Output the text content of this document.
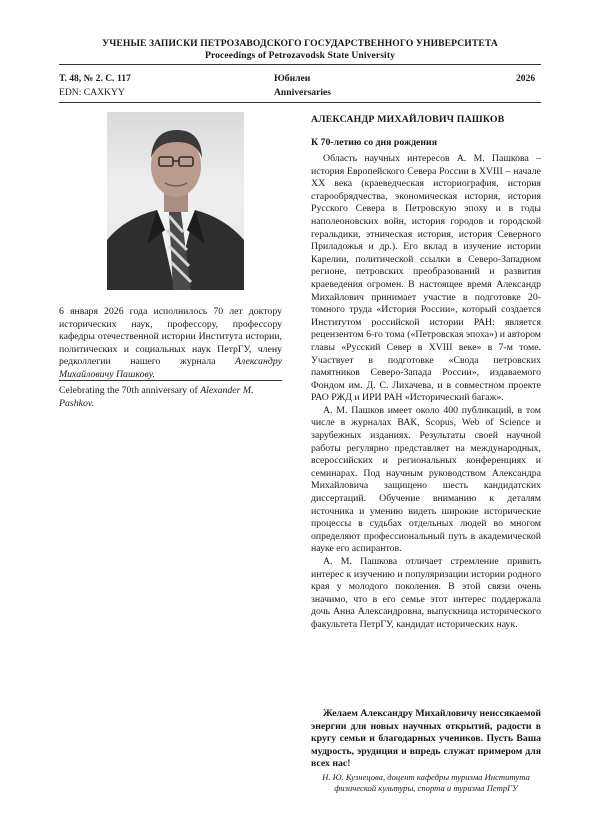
УЧЕНЫЕ ЗАПИСКИ ПЕТРОЗАВОДСКОГО ГОСУДАРСТВЕННОГО УНИВЕРСИТЕТА
Proceedings of Petrozavodsk State University
Т. 48, № 2. С. 117
EDN: CAXKYY
Юбилеи
Anniversaries
2026
6 января 2026 года исполнилось 70 лет доктору исторических наук, профессору, профессору кафедры отечественной истории Института истории, политических и социальных наук ПетрГУ, члену редколлегии нашего журнала Александру Михайловичу Пашкову.
Celebrating the 70th anniversary of Alexander M. Pashkov.
АЛЕКСАНДР МИХАЙЛОВИЧ ПАШКОВ
К 70-летию со дня рождения

Область научных интересов А. М. Пашкова – история Европейского Севера России в XVIII – начале XX века (краеведческая историография, история старообрядчества, экономическая история, история Русского Севера в Петровскую эпоху и в годы наполеоновских войн, история городов и городской геральдики, этническая история, история Северного Приладожья и др.). Его вклад в изучение истории Карелии, политической ссылки в Северо-Западном регионе, петровских преобразований и развития краеведения огромен. В настоящее время Александр Михайлович принимает участие в подготовке 20-томного труда «История России», который создается Институтом российской истории РАН: является рецензентом 6-го тома («Петровская эпоха») и автором главы «Русский Север в XVIII веке» в 7-м томе. Участвует в подготовке «Свода петровских памятников Северо-Запада России», издаваемого Фондом им. Д. С. Лихачева, и в совместном проекте РАО РЖД и ИРИ РАН «Исторический багаж».

А. М. Пашков имеет около 400 публикаций, в том числе в журналах ВАК, Scopus, Web of Science и зарубежных изданиях. Результаты своей научной работы регулярно представляет на международных, всероссийских и региональных конференциях и семинарах. Под научным руководством Александра Михайловича защищено шесть кандидатских диссертаций. Обучение вниманию к деталям источника и умению видеть широкие исторические процессы в судьбах отдельных людей во многом определяют профессиональный путь в академической науке его аспирантов.

А. М. Пашкова отличает стремление привить интерес к изучению и популяризации истории родного края у молодого поколения. В этой связи очень значимо, что в его семье этот интерес поддержала дочь Анна Александровна, выпускница исторического факультета ПетрГУ, кандидат исторических наук.

Желаем Александру Михайловичу неиссякаемой энергии для новых научных открытий, радости в кругу семьи и благодарных учеников. Пусть Ваша мудрость, эрудиция и впредь служат примером для всех нас!
Н. Ю. Кузнецова, доцент кафедры туризма Института физической культуры, спорта и туризма ПетрГУ
